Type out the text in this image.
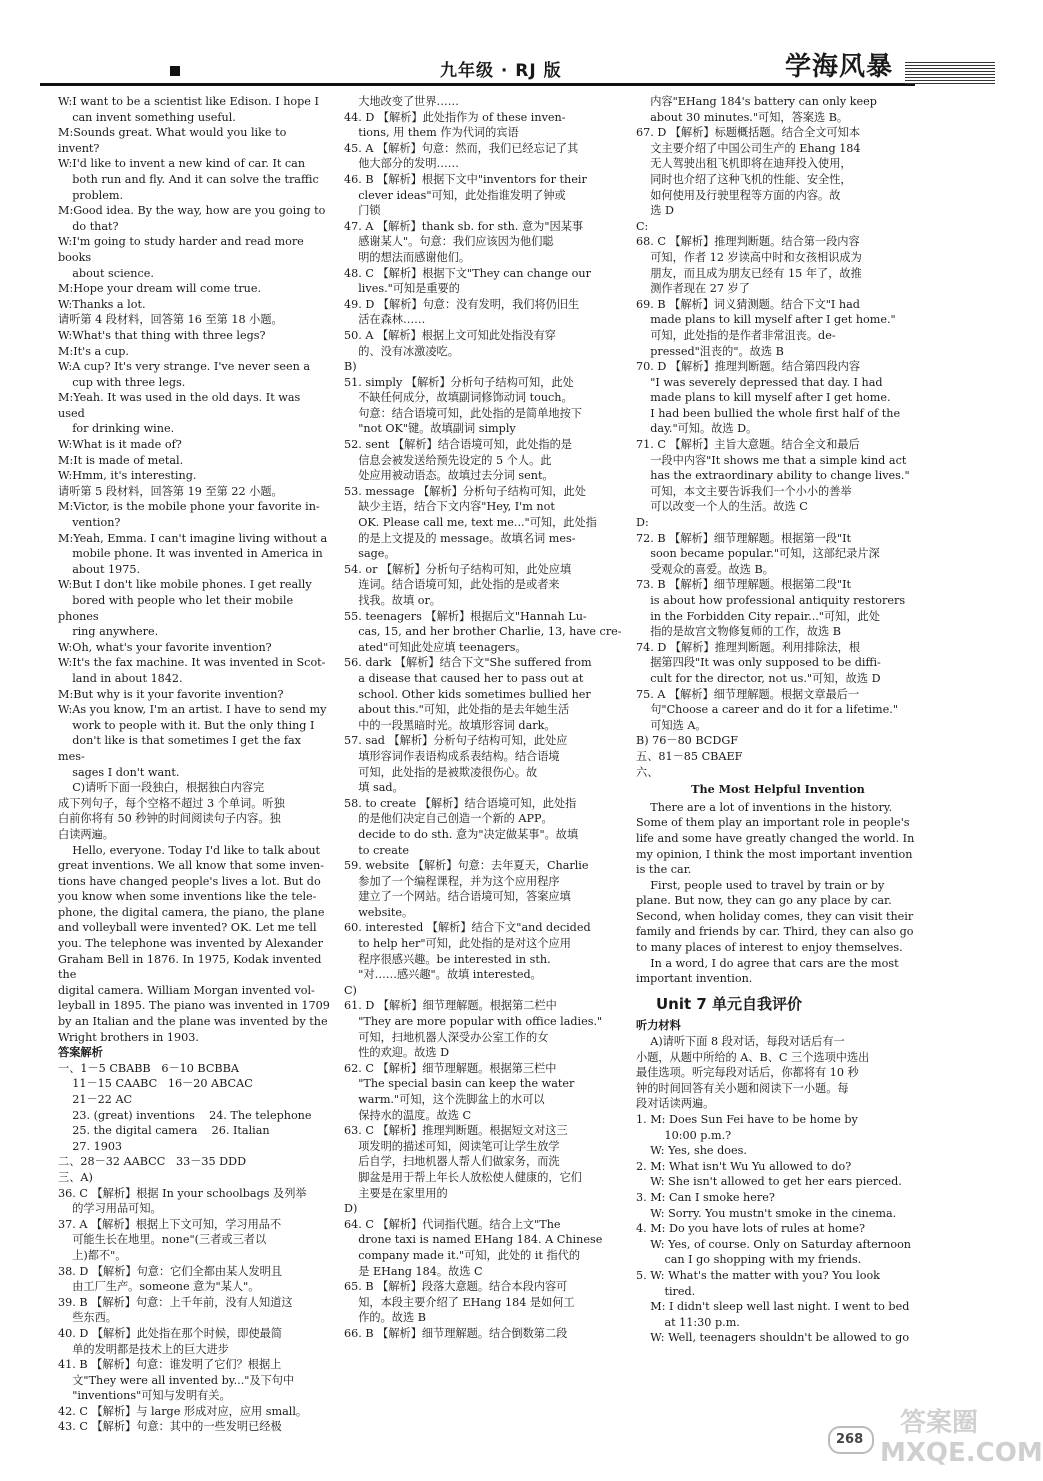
九年级 · RJ 版	学海风暴
W:I want to be a scientist like Edison. I hope I
can invent something useful.
M:Sounds great. What would you like to invent?
W:I'd like to invent a new kind of car. It can
both run and fly. And it can solve the traffic
problem.
M:Good idea. By the way, how are you going to
do that?
W:I'm going to study harder and read more books
about science.
M:Hope your dream will come true.
W:Thanks a lot.
请听第 4 段材料，回答第 16 至第 18 小题。
W:What's that thing with three legs?
M:It's a cup.
W:A cup? It's very strange. I've never seen a
cup with three legs.
M:Yeah. It was used in the old days. It was used
for drinking wine.
W:What is it made of?
M:It is made of metal.
W:Hmm, it's interesting.
请听第 5 段材料，回答第 19 至第 22 小题。
M:Victor, is the mobile phone your favorite in-
vention?
M:Yeah, Emma. I can't imagine living without a
mobile phone. It was invented in America in
about 1975.
W:But I don't like mobile phones. I get really
bored with people who let their mobile phones
ring anywhere.
W:Oh, what's your favorite invention?
W:It's the fax machine. It was invented in Scot-
land in about 1842.
M:But why is it your favorite invention?
W:As you know, I'm an artist. I have to send my
work to people with it. But the only thing I
don't like is that sometimes I get the fax mes-
sages I don't want.
C)请听下面一段独白，根据独白内容完
成下列句子，每个空格不超过 3 个单词。听独
白前你将有 50 秒钟的时间阅读句子内容。独
白读两遍。
Hello, everyone. Today I'd like to talk about
great inventions. We all know that some inven-
tions have changed people's lives a lot. But do
you know when some inventions like the tele-
phone, the digital camera, the piano, the plane
and volleyball were invented? OK. Let me tell
you. The telephone was invented by Alexander
Graham Bell in 1876. In 1975, Kodak invented the
digital camera. William Morgan invented vol-
leyball in 1895. The piano was invented in 1709
by an Italian and the plane was invented by the
Wright brothers in 1903.
答案解析
一、1－5 CBABB   6－10 BCBBA
11－15 CAABC   16－20 ABCAC
21－22 AC
23. (great) inventions    24. The telephone
25. the digital camera    26. Italian
27. 1903
二、28－32 AABCC   33－35 DDD
三、A)
36. C 【解析】根据 In your schoolbags 及列举
的学习用品可知。
37. A 【解析】根据上下文可知，学习用品不
可能生长在地里。none"(三者或三者以
上)都不"。
38. D 【解析】句意：它们全都由某人发明且
由工厂生产。someone 意为"某人"。
39. B 【解析】句意：上千年前，没有人知道这
些东西。
40. D 【解析】此处指在那个时候，即使最简
单的发明都是技术上的巨大进步
41. B 【解析】句意：谁发明了它们？根据上
文"They were all invented by..."及下句中
"inventions"可知与发明有关。
42. C 【解析】与 large 形成对应，应用 small。
43. C 【解析】句意：其中的一些发明已经极
大地改变了世界……
44. D 【解析】此处指作为 of these inven-
tions, 用 them 作为代词的宾语
45. A 【解析】句意：然而，我们已经忘记了其
他大部分的发明……
46. B 【解析】根据下文中"inventors for their
clever ideas"可知，此处指谁发明了钟或
门锁
47. A 【解析】thank sb. for sth. 意为"因某事
感谢某人"。句意：我们应该因为他们聪
明的想法而感谢他们。
48. C 【解析】根据下文"They can change our
lives."可知是重要的
49. D 【解析】句意：没有发明，我们将仍旧生
活在森林……
50. A 【解析】根据上文可知此处指没有穿
的、没有冰激凌吃。
B)
51. simply 【解析】分析句子结构可知，此处
不缺任何成分，故填副词修饰动词 touch。
句意：结合语境可知，此处指的是简单地按下
"not OK"键。故填副词 simply
52. sent 【解析】结合语境可知，此处指的是
信息会被发送给预先设定的 5 个人。此
处应用被动语态。故填过去分词 sent。
53. message 【解析】分析句子结构可知，此处
缺少主语，结合下文内容"Hey, I'm not
OK. Please call me, text me..."可知，此处指
的是上文提及的 message。故填名词 mes-
sage。
54. or 【解析】分析句子结构可知，此处应填
连词。结合语境可知，此处指的是或者来
找我。故填 or。
55. teenagers 【解析】根据后文"Hannah Lu-
cas, 15, and her brother Charlie, 13, have cre-
ated"可知此处应填 teenagers。
56. dark 【解析】结合下文"She suffered from
a disease that caused her to pass out at
school. Other kids sometimes bullied her
about this."可知，此处指的是去年她生活
中的一段黑暗时光。故填形容词 dark。
57. sad 【解析】分析句子结构可知，此处应
填形容词作表语构成系表结构。结合语境
可知，此处指的是被欺凌很伤心。故
填 sad。
58. to create 【解析】结合语境可知，此处指
的是他们决定自己创造一个新的 APP。
decide to do sth. 意为"决定做某事"。故填
to create
59. website 【解析】句意：去年夏天，Charlie
参加了一个编程课程，并为这个应用程序
建立了一个网站。结合语境可知，答案应填
website。
60. interested 【解析】结合下文"and decided
to help her"可知，此处指的是对这个应用
程序很感兴趣。be interested in sth.
"对……感兴趣"。故填 interested。
C)
61. D 【解析】细节理解题。根据第二栏中
"They are more popular with office ladies."
可知，扫地机器人深受办公室工作的女
性的欢迎。故选 D
62. C 【解析】细节理解题。根据第三栏中
"The special basin can keep the water
warm."可知，这个洗脚盆上的水可以
保持水的温度。故选 C
63. C 【解析】推理判断题。根据短文对这三
项发明的描述可知，阅读笔可让学生放学
后自学，扫地机器人帮人们做家务，而洗
脚盆是用于帮上年长人放松使人健康的，它们
主要是在家里用的
D)
64. C 【解析】代词指代题。结合上文"The
drone taxi is named EHang 184. A Chinese
company made it."可知，此处的 it 指代的
是 EHang 184。故选 C
65. B 【解析】段落大意题。结合本段内容可
知，本段主要介绍了 EHang 184 是如何工
作的。故选 B
66. B 【解析】细节理解题。结合倒数第二段
内容"EHang 184's battery can only keep
about 30 minutes."可知，答案选 B。
67. D 【解析】标题概括题。结合全文可知本
文主要介绍了中国公司生产的 Ehang 184
无人驾驶出租飞机即将在迪拜投入使用，
同时也介绍了这种飞机的性能、安全性，
如何使用及行驶里程等方面的内容。故
选 D
C:
68. C 【解析】推理判断题。结合第一段内容
可知，作者 12 岁读高中时和女孩相识成为
朋友，而且成为朋友已经有 15 年了，故推
测作者现在 27 岁了
69. B 【解析】词义猜测题。结合下文"I had
made plans to kill myself after I get home."
可知，此处指的是作者非常沮丧。de-
pressed"沮丧的"。故选 B
70. D 【解析】推理判断题。结合第四段内容
"I was severely depressed that day. I had
made plans to kill myself after I get home.
I had been bullied the whole first half of the
day."可知。故选 D。
71. C 【解析】主旨大意题。结合全文和最后
一段中内容"It shows me that a simple kind act
has the extraordinary ability to change lives."
可知，本文主要告诉我们一个小小的善举
可以改变一个人的生活。故选 C
D:
72. B 【解析】细节理解题。根据第一段"It
soon became popular."可知，这部纪录片深
受观众的喜爱。故选 B。
73. B 【解析】细节理解题。根据第二段"It
is about how professional antiquity restorers
in the Forbidden City repair..."可知，此处
指的是故宫文物修复师的工作，故选 B
74. D 【解析】推理判断题。利用排除法，根
据第四段"It was only supposed to be diffi-
cult for the director, not us."可知，故选 D
75. A 【解析】细节理解题。根据文章最后一
句"Choose a career and do it for a lifetime."
可知选 A。
B) 76－80 BCDGF
五、81－85 CBAEF
六、
The Most Helpful Invention
There are a lot of inventions in the history.
Some of them play an important role in people's
life and some have greatly changed the world. In
my opinion, I think the most important invention
is the car.
First, people used to travel by train or by
plane. But now, they can go any place by car.
Second, when holiday comes, they can visit their
family and friends by car. Third, they can also go
to many places of interest to enjoy themselves.
In a word, I do agree that cars are the most
important invention.
Unit 7 单元自我评价
听力材料
A)请听下面 8 段对话，每段对话后有一
小题，从题中所给的 A、B、C 三个选项中选出
最佳选项。听完每段对话后，你都将有 10 秒
钟的时间回答有关小题和阅读下一小题。每
段对话读两遍。
1. M: Does Sun Fei have to be home by
10:00 p.m.?
W: Yes, she does.
2. M: What isn't Wu Yu allowed to do?
W: She isn't allowed to get her ears pierced.
3. M: Can I smoke here?
W: Sorry. You mustn't smoke in the cinema.
4. M: Do you have lots of rules at home?
W: Yes, of course. Only on Saturday afternoon
can I go shopping with my friends.
5. W: What's the matter with you? You look
tired.
M: I didn't sleep well last night. I went to bed
at 11:30 p.m.
W: Well, teenagers shouldn't be allowed to go
268
答案圈 MXQE.COM
